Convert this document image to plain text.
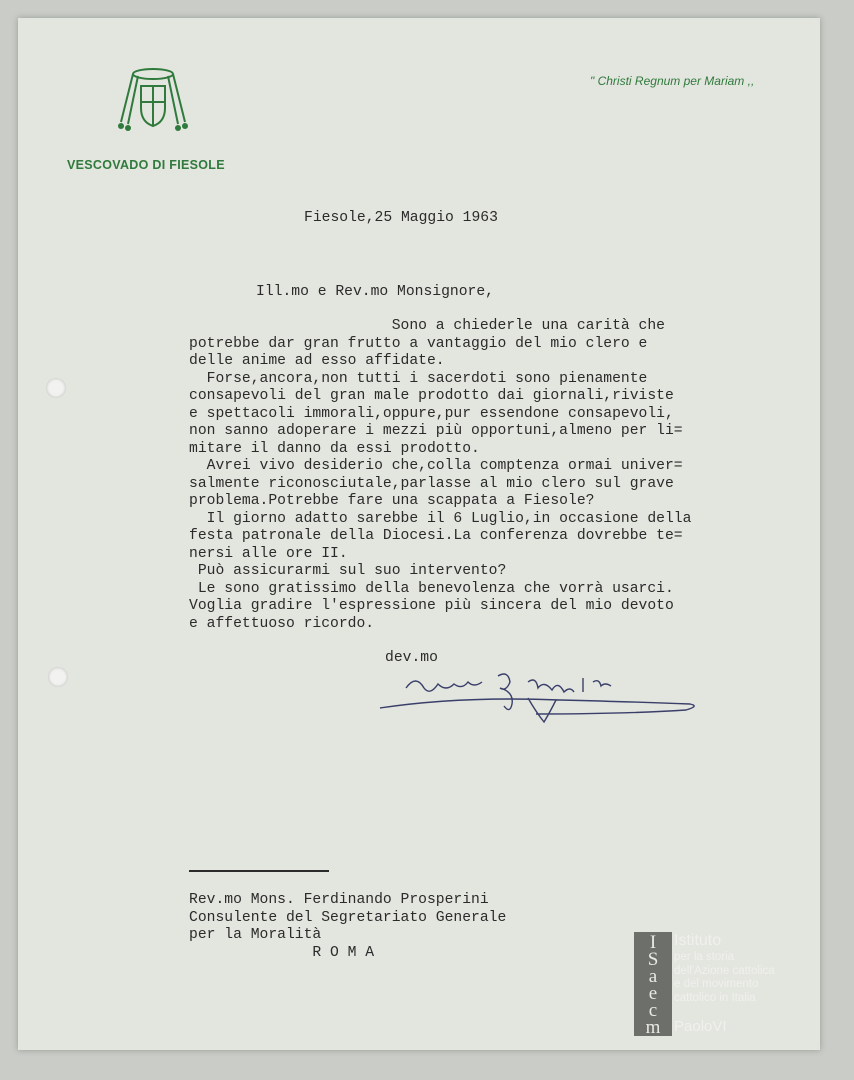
" Christi Regnum per Mariam ,,
VESCOVADO DI FIESOLE
Fiesole,25 Maggio 1963
Ill.mo e Rev.mo Monsignore,
Sono a chiederle una carità che
potrebbe dar gran frutto a vantaggio del mio clero e
delle anime ad esso affidate.
Forse,ancora,non tutti i sacerdoti sono pienamente
consapevoli del gran male prodotto dai giornali,riviste
e spettacoli immorali,oppure,pur essendone consapevoli,
non sanno adoperare i mezzi più opportuni,almeno per li=
mitare il danno da essi prodotto.
Avrei vivo desiderio che,colla comptenza ormai univer=
salmente riconosciutale,parlasse al mio clero sul grave
problema.Potrebbe fare una scappata a Fiesole?
Il giorno adatto sarebbe il 6 Luglio,in occasione della
festa patronale della Diocesi.La conferenza dovrebbe te=
nersi alle ore II.
Può assicurarmi sul suo intervento?
Le sono gratissimo della benevolenza che vorrà usarci.
Voglia gradire l'espressione più sincera del mio devoto
e affettuoso ricordo.
dev.mo
Rev.mo Mons. Ferdinando Prosperini
Consulente del Segretariato Generale
per la Moralità
R O M A	I
S
a
e
c
m
Istituto
per la storia
dell'Azione cattolica
e del movimento
cattolico in Italia
PaoloVI
